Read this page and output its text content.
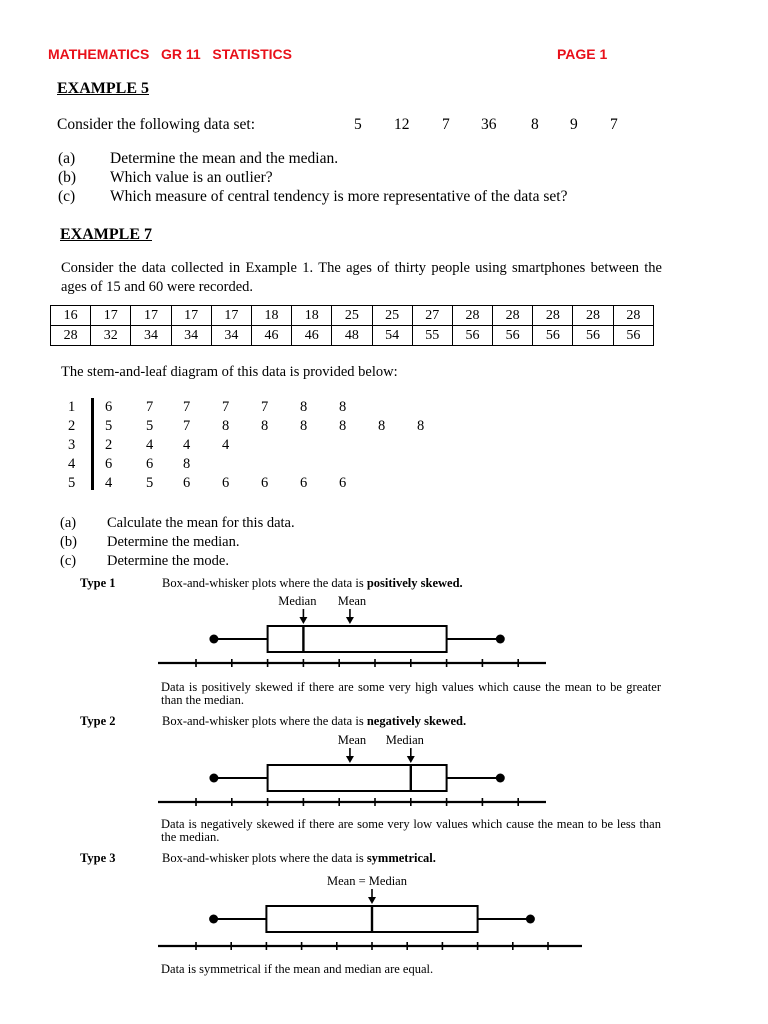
MATHEMATICS   GR 11   STATISTICS	PAGE 1
EXAMPLE 5
Consider the following data set:	5 12 7 36 8 9 7
(a) Determine the mean and the median.
(b) Which value is an outlier?
(c) Which measure of central tendency is more representative of the data set?
EXAMPLE 7
Consider the data collected in Example 1. The ages of thirty people using smartphones between the ages of 15 and 60 were recorded.
16	17	17	17	17	18	18	25	25	27	28	28	28	28	28
28	32	34	34	34	46	46	48	54	55	56	56	56	56	56
The stem-and-leaf diagram of this data is provided below:
1 6 7 7 7 7 8 8
2 5 5 7 8 8 8 8 8 8
3 2 4 4 4
4 6 6 8
5 4 5 6 6 6 6 6
(a) Calculate the mean for this data.
(b) Determine the median.
(c) Determine the mode.
Type 1	Box-and-whisker plots where the data is positively skewed.
Data is positively skewed if there are some very high values which cause the mean to be greater than the median.
Type 2	Box-and-whisker plots where the data is negatively skewed.
Data is negatively skewed if there are some very low values which cause the mean to be less than the median.
Type 3	Box-and-whisker plots where the data is symmetrical.
Data is symmetrical if the mean and median are equal.
Median Mean
Median
Mean
Mean = Median
